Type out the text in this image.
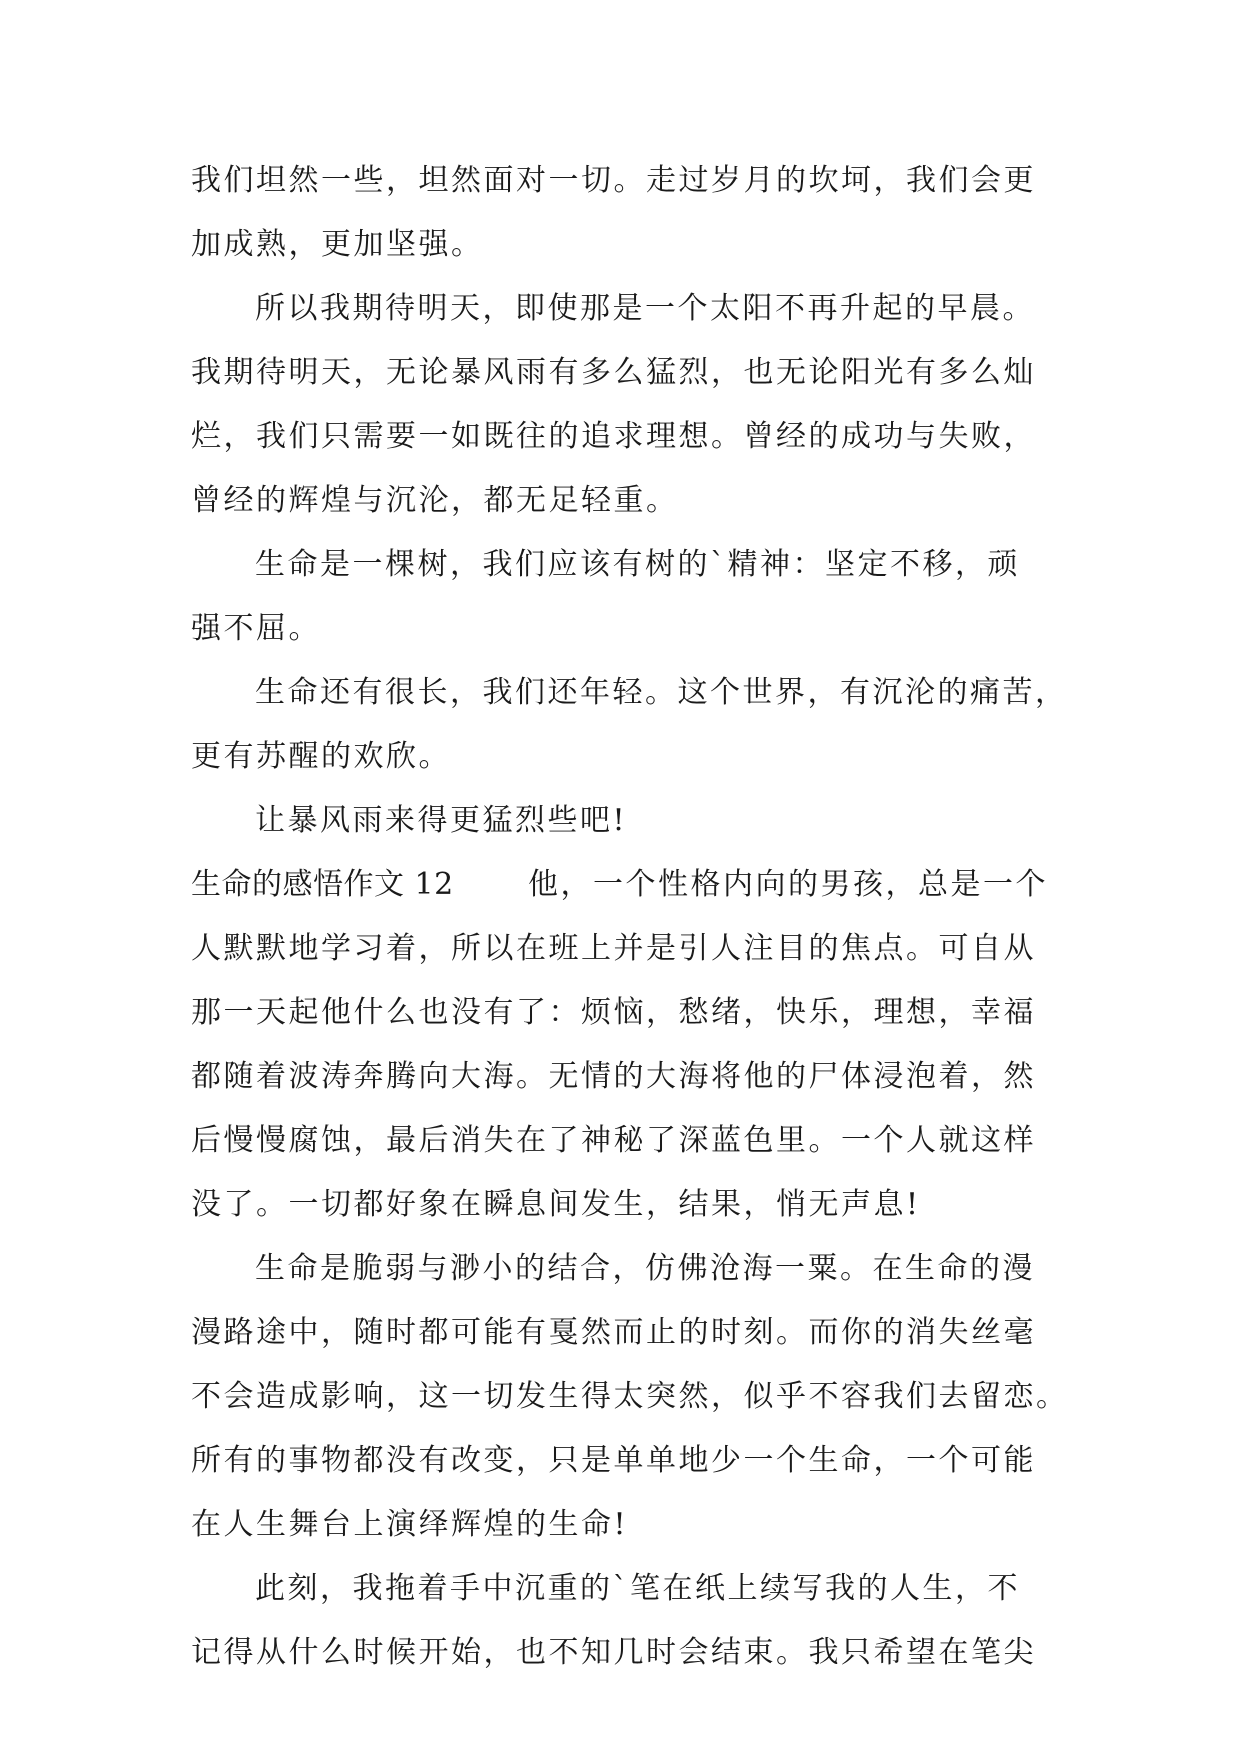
我们坦然一些，坦然面对一切。走过岁月的坎坷，我们会更
加成熟，更加坚强。
所以我期待明天，即使那是一个太阳不再升起的早晨。
我期待明天，无论暴风雨有多么猛烈，也无论阳光有多么灿
烂，我们只需要一如既往的追求理想。曾经的成功与失败，
曾经的辉煌与沉沦，都无足轻重。
生命是一棵树，我们应该有树的`精神：坚定不移，顽
强不屈。
生命还有很长，我们还年轻。这个世界，有沉沦的痛苦，
更有苏醒的欢欣。
让暴风雨来得更猛烈些吧!
生命的感悟作文 12 他，一个性格内向的男孩，总是一个
人默默地学习着，所以在班上并是引人注目的焦点。可自从
那一天起他什么也没有了：烦恼，愁绪，快乐，理想，幸福
都随着波涛奔腾向大海。无情的大海将他的尸体浸泡着，然
后慢慢腐蚀，最后消失在了神秘了深蓝色里。一个人就这样
没了。一切都好象在瞬息间发生，结果，悄无声息!
生命是脆弱与渺小的结合，仿佛沧海一粟。在生命的漫
漫路途中，随时都可能有戛然而止的时刻。而你的消失丝毫
不会造成影响，这一切发生得太突然，似乎不容我们去留恋。
所有的事物都没有改变，只是单单地少一个生命，一个可能
在人生舞台上演绎辉煌的生命!
此刻，我拖着手中沉重的`笔在纸上续写我的人生，不
记得从什么时候开始，也不知几时会结束。我只希望在笔尖
